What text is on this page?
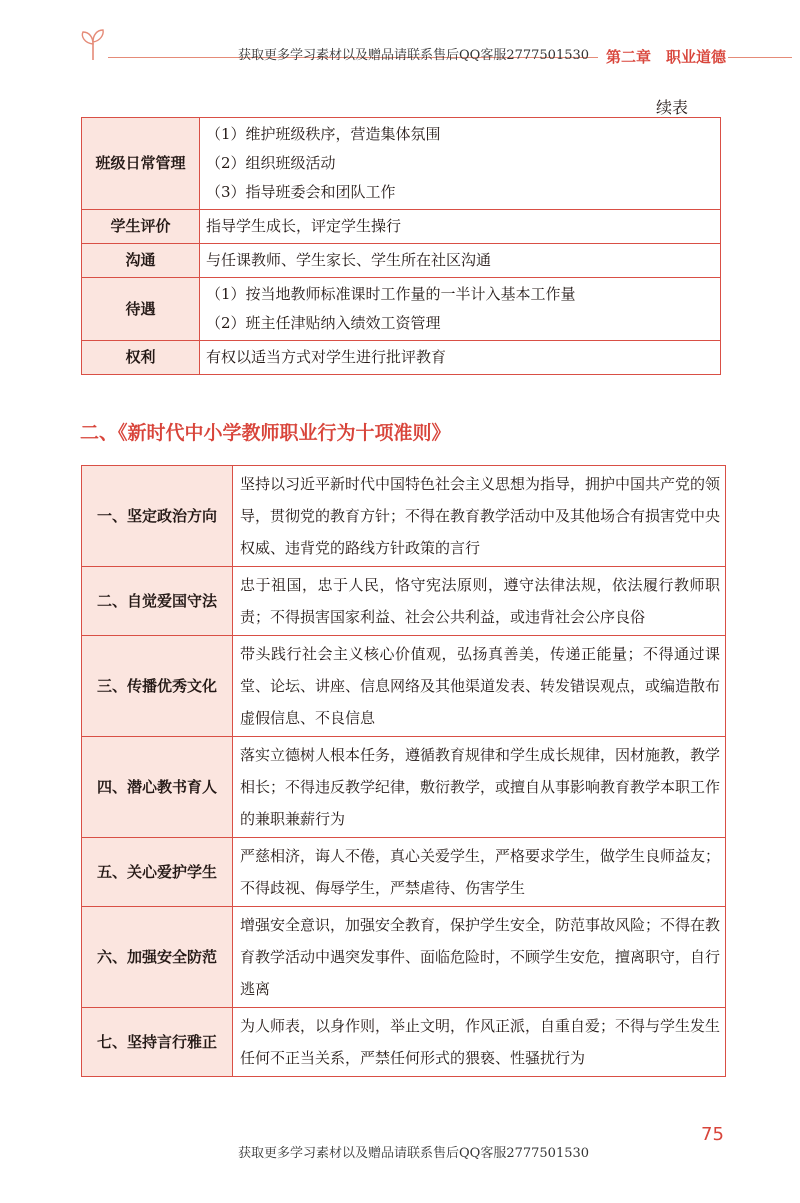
获取更多学习素材以及赠品请联系售后QQ客服2777501530 第二章　职业道德
续表
班级日常管理	（1）维护班级秩序，营造集体氛围
（2）组织班级活动
（3）指导班委会和团队工作

学生评价	指导学生成长，评定学生操行

沟通	与任课教师、学生家长、学生所在社区沟通

待遇	（1）按当地教师标准课时工作量的一半计入基本工作量
（2）班主任津贴纳入绩效工资管理

权利	有权以适当方式对学生进行批评教育
二、《新时代中小学教师职业行为十项准则》
一、坚定政治方向	坚持以习近平新时代中国特色社会主义思想为指导，拥护中国共产党的领导，贯彻党的教育方针；不得在教育教学活动中及其他场合有损害党中央权威、违背党的路线方针政策的言行
二、自觉爱国守法	忠于祖国，忠于人民，恪守宪法原则，遵守法律法规，依法履行教师职责；不得损害国家利益、社会公共利益，或违背社会公序良俗
三、传播优秀文化	带头践行社会主义核心价值观，弘扬真善美，传递正能量；不得通过课堂、论坛、讲座、信息网络及其他渠道发表、转发错误观点，或编造散布虚假信息、不良信息
四、潜心教书育人	落实立德树人根本任务，遵循教育规律和学生成长规律，因材施教，教学相长；不得违反教学纪律，敷衍教学，或擅自从事影响教育教学本职工作的兼职兼薪行为
五、关心爱护学生	严慈相济，诲人不倦，真心关爱学生，严格要求学生，做学生良师益友；不得歧视、侮辱学生，严禁虐待、伤害学生
六、加强安全防范	增强安全意识，加强安全教育，保护学生安全，防范事故风险；不得在教育教学活动中遇突发事件、面临危险时，不顾学生安危，擅离职守，自行逃离
七、坚持言行雅正	为人师表，以身作则，举止文明，作风正派，自重自爱；不得与学生发生任何不正当关系，严禁任何形式的猥亵、性骚扰行为
75
获取更多学习素材以及赠品请联系售后QQ客服2777501530
